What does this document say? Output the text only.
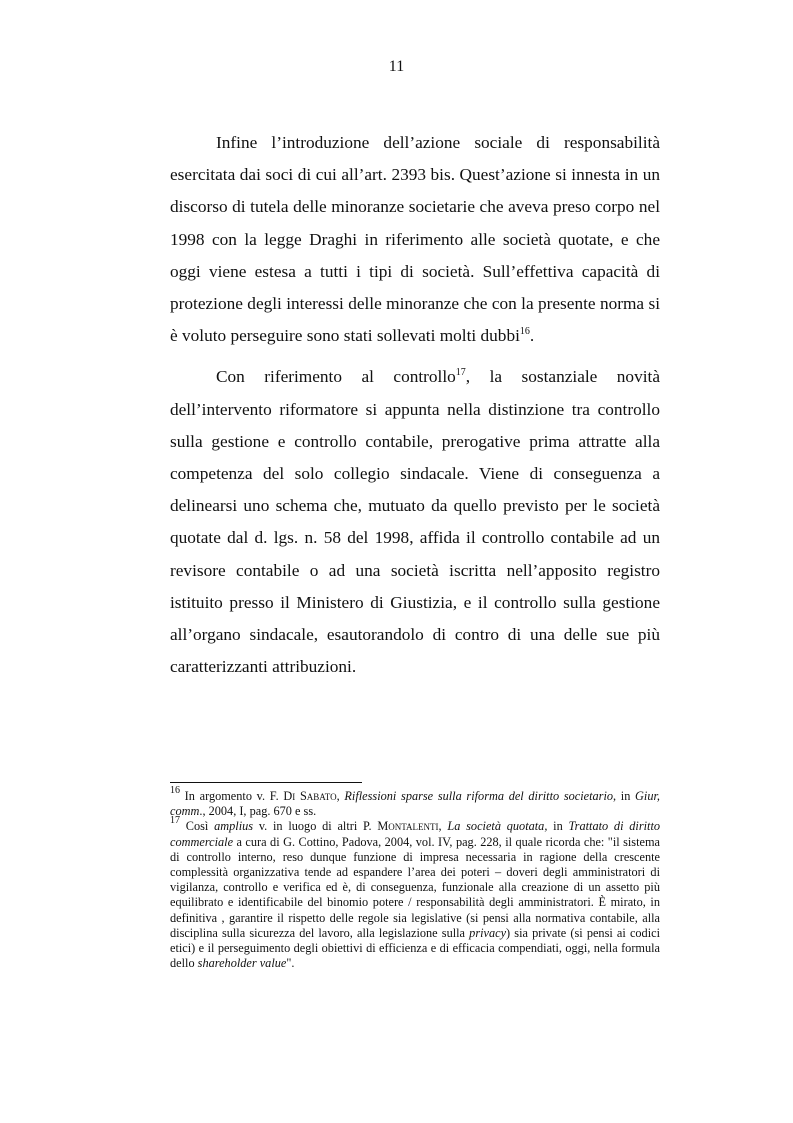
11

Infine l’introduzione dell’azione sociale di responsabilità esercitata dai soci di cui all’art. 2393 bis. Quest’azione si innesta in un discorso di tutela delle minoranze societarie che aveva preso corpo nel 1998 con la legge Draghi in riferimento alle società quotate, e che oggi viene estesa a tutti i tipi di società. Sull’effettiva capacità di protezione degli interessi delle minoranze che con la presente norma si è voluto perseguire sono stati sollevati molti dubbi$^{16}$.

Con riferimento al controllo$^{17}$, la sostanziale novità dell’intervento riformatore si appunta nella distinzione tra controllo sulla gestione e controllo contabile, prerogative prima attratte alla competenza del solo collegio sindacale. Viene di conseguenza a delinearsi uno schema che, mutuato da quello previsto per le società quotate dal d. lgs. n. 58 del 1998, affida il controllo contabile ad un revisore contabile o ad una società iscritta nell’apposito registro istituito presso il Ministero di Giustizia, e il controllo sulla gestione all’organo sindacale, esautorandolo di contro di una delle sue più caratterizzanti attribuzioni.

$^{16}$ In argomento v. F. Di Sabato, Riflessioni sparse sulla riforma del diritto societario, in Giur, comm., 2004, I, pag. 670 e ss.

$^{17}$ Così amplius v. in luogo di altri P. Montalenti, La società quotata, in Trattato di diritto commerciale a cura di G. Cottino, Padova, 2004, vol. IV, pag. 228, il quale ricorda che: "il sistema di controllo interno, reso dunque funzione di impresa necessaria in ragione della crescente complessità organizzativa tende ad espandere l’area dei poteri – doveri degli amministratori di vigilanza, controllo e verifica ed è, di conseguenza, funzionale alla creazione di un assetto più equilibrato e identificabile del binomio potere / responsabilità degli amministratori. È mirato, in definitiva , garantire il rispetto delle regole sia legislative (si pensi alla normativa contabile, alla disciplina sulla sicurezza del lavoro, alla legislazione sulla privacy) sia private (si pensi ai codici etici) e il perseguimento degli obiettivi di efficienza e di efficacia compendiati, oggi, nella formula dello shareholder value".
